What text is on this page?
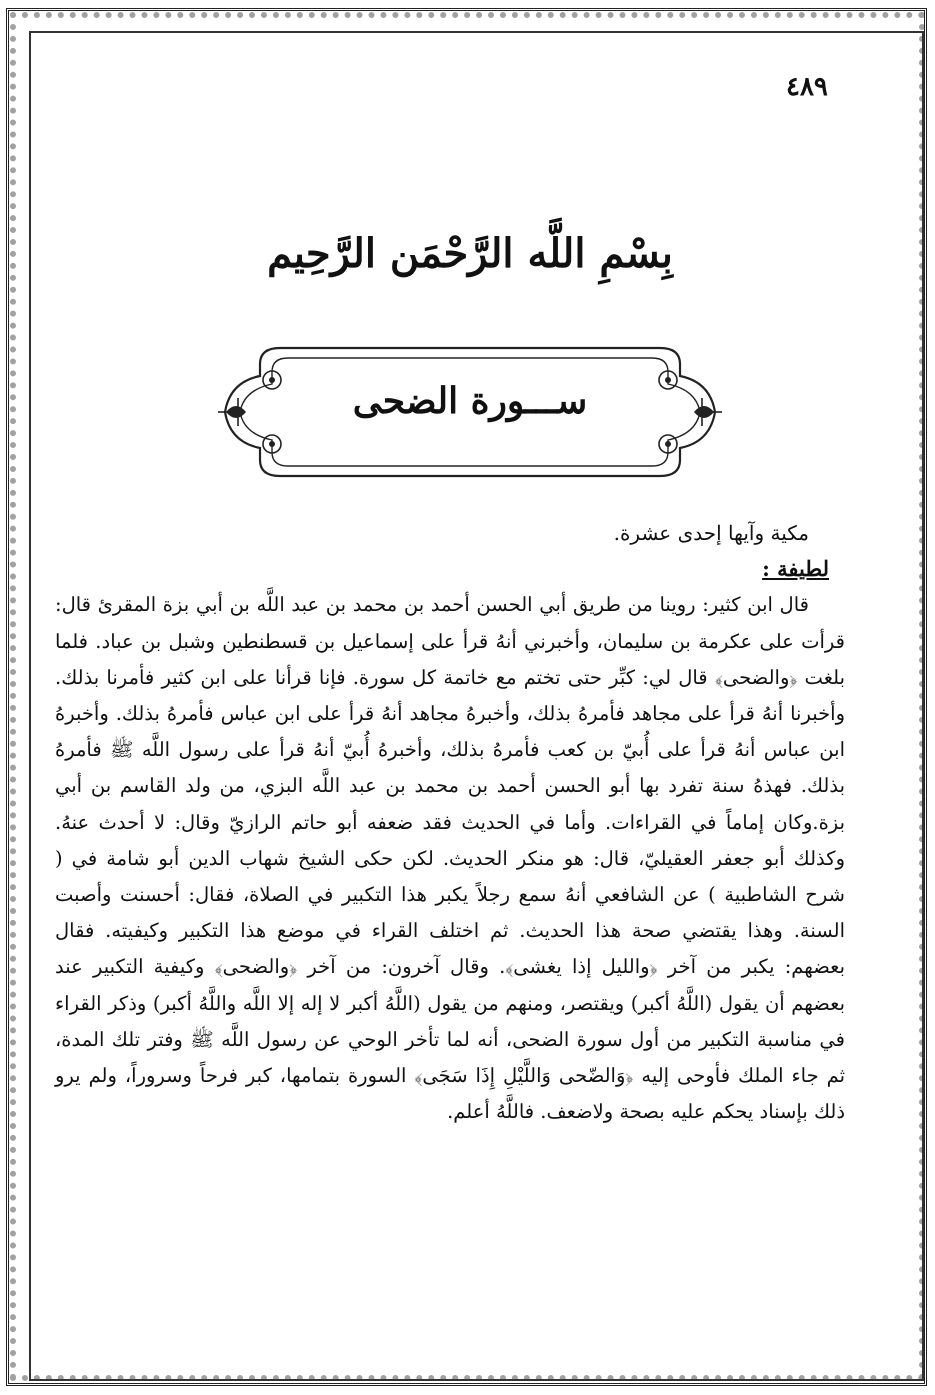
٤٨٩
بِسْمِ اللَّه الرَّحْمَن الرَّحِيم
ســـورة الضحى

مكية وآيها إحدى عشرة.

لطيفة :

قال ابن كثير: روينا من طريق أبي الحسن أحمد بن محمد بن عبد اللَّه بن أبي بزة المقرئ قال: قرأت على عكرمة بن سليمان، وأخبرني أنهُ قرأ على إسماعيل بن قسطنطين وشبل بن عباد. فلما بلغت ﴿والضحى﴾ قال لي: كبِّر حتى تختم مع خاتمة كل سورة. فإنا قرأنا على ابن كثير فأمرنا بذلك. وأخبرنا أنهُ قرأ على مجاهد فأمرهُ بذلك، وأخبرهُ مجاهد أنهُ قرأ على ابن عباس فأمرهُ بذلك. وأخبرهُ ابن عباس أنهُ قرأ على أُبيّ بن كعب فأمرهُ بذلك، وأخبرهُ أُبيّ أنهُ قرأ على رسول اللَّه ﷺ فأمرهُ بذلك. فهذهُ سنة تفرد بها أبو الحسن أحمد بن محمد بن عبد اللَّه البزي، من ولد القاسم بن أبي بزة.وكان إماماً في القراءات. وأما في الحديث فقد ضعفه أبو حاتم الرازيّ وقال: لا أحدث عنهُ. وكذلك أبو جعفر العقيليّ، قال: هو منكر الحديث. لكن حكى الشيخ شهاب الدين أبو شامة في ( شرح الشاطبية ) عن الشافعي أنهُ سمع رجلاً يكبر هذا التكبير في الصلاة، فقال: أحسنت وأصبت السنة. وهذا يقتضي صحة هذا الحديث. ثم اختلف القراء في موضع هذا التكبير وكيفيته. فقال بعضهم: يكبر من آخر ﴿والليل إذا يغشى﴾. وقال آخرون: من آخر ﴿والضحى﴾ وكيفية التكبير عند بعضهم أن يقول (اللَّهُ أكبر) ويقتصر، ومنهم من يقول (اللَّهُ أكبر لا إله إلا اللَّه واللَّهُ أكبر) وذكر القراء في مناسبة التكبير من أول سورة الضحى، أنه لما تأخر الوحي عن رسول اللَّه ﷺ وفتر تلك المدة، ثم جاء الملك فأوحى إليه ﴿وَالضّحى وَاللَّيْلِ إِذَا سَجَى﴾ السورة بتمامها، كبر فرحاً وسروراً، ولم يرو ذلك بإسناد يحكم عليه بصحة ولاضعف. فاللَّهُ أعلم.
